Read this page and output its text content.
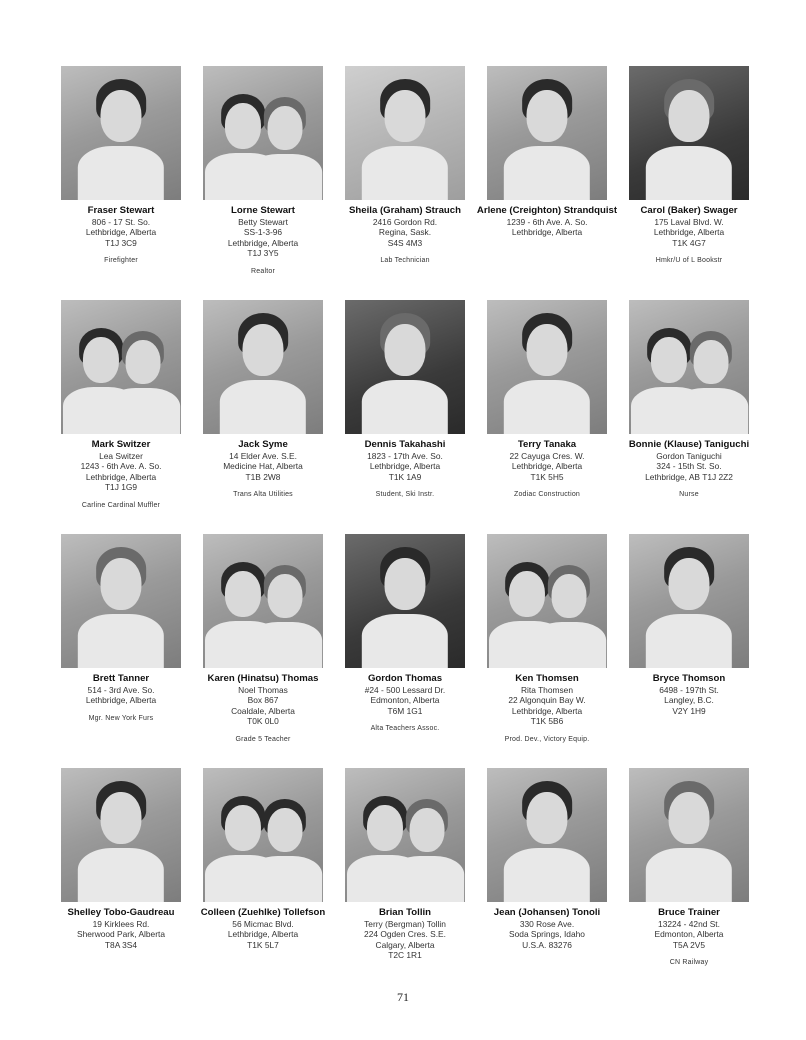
Fraser Stewart
806 - 17 St. So.
Lethbridge, Alberta
T1J 3C9
Firefighter
Lorne Stewart
Betty Stewart
SS-1-3-96
Lethbridge, Alberta
T1J 3Y5
Realtor
Sheila (Graham) Strauch
2416 Gordon Rd.
Regina, Sask.
S4S 4M3
Lab Technician
Arlene (Creighton) Strandquist
1239 - 6th Ave. A. So.
Lethbridge, Alberta
Carol (Baker) Swager
175 Laval Blvd. W.
Lethbridge, Alberta
T1K 4G7
Hmkr/U of L Bookstr
Mark Switzer
Lea Switzer
1243 - 6th Ave. A. So.
Lethbridge, Alberta
T1J 1G9
Carline Cardinal Muffler
Jack Syme
14 Elder Ave. S.E.
Medicine Hat, Alberta
T1B 2W8
Trans Alta Utilities
Dennis Takahashi
1823 - 17th Ave. So.
Lethbridge, Alberta
T1K 1A9
Student, Ski Instr.
Terry Tanaka
22 Cayuga Cres. W.
Lethbridge, Alberta
T1K 5H5
Zodiac Construction
Bonnie (Klause) Taniguchi
Gordon Taniguchi
324 - 15th St. So.
Lethbridge, AB T1J 2Z2
Nurse
Brett Tanner
514 - 3rd Ave. So.
Lethbridge, Alberta
Mgr. New York Furs
Karen (Hinatsu) Thomas
Noel Thomas
Box 867
Coaldale, Alberta
T0K 0L0
Grade 5 Teacher
Gordon Thomas
#24 - 500 Lessard Dr.
Edmonton, Alberta
T6M 1G1
Alta Teachers Assoc.
Ken Thomsen
Rita Thomsen
22 Algonquin Bay W.
Lethbridge, Alberta
T1K 5B6
Prod. Dev., Victory Equip.
Bryce Thomson
6498 - 197th St.
Langley, B.C.
V2Y 1H9
Shelley Tobo-Gaudreau
19 Kirklees Rd.
Sherwood Park, Alberta
T8A 3S4
Colleen (Zuehlke) Tollefson
56 Micmac Blvd.
Lethbridge, Alberta
T1K 5L7
Brian Tollin
Terry (Bergman) Tollin
224 Ogden Cres. S.E.
Calgary, Alberta
T2C 1R1
Jean (Johansen) Tonoli
330 Rose Ave.
Soda Springs, Idaho
U.S.A. 83276
Bruce Trainer
13224 - 42nd St.
Edmonton, Alberta
T5A 2V5
CN Railway
71
